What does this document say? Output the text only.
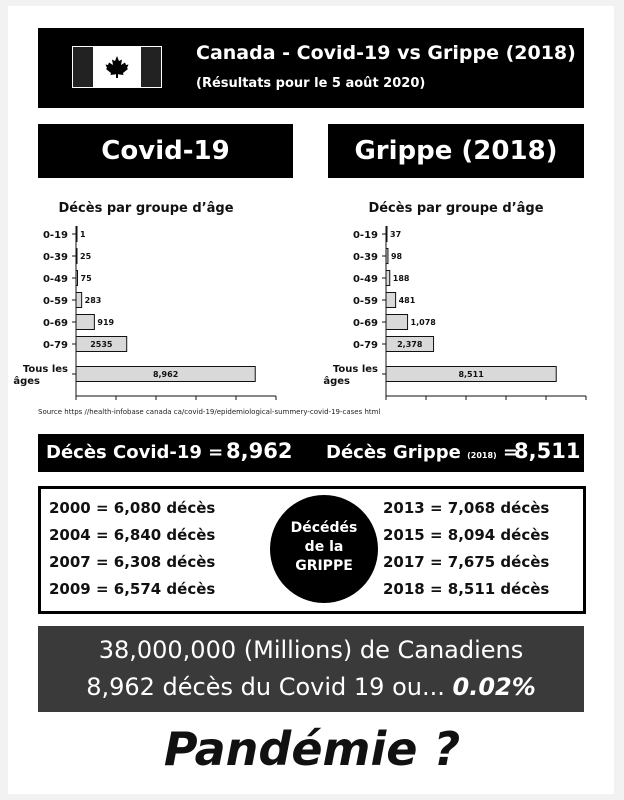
Canada - Covid-19 vs Grippe (2018)
(Résultats pour le 5 août 2020)
Covid-19	Grippe (2018)
Décès par groupe d’âge
0-19 1
0-39 25
0-49 75
0-59 283
0-69	919
0-79	2535
Tous les âges
8,962
Décès par groupe d’âge
0-19 37
0-39 98
0-49 188
0-59	481
0-69	1,078
0-79 2,378
Tous les âges
8,511
Source https //health-infobase canada ca/covid-19/epidemiological-summery-covid-19-cases html
Décès Covid-19 = 8,962 Décès Grippe (2018) =
8,511
2000 = 6,080 décès
2004 = 6,840 décès
2007 = 6,308 décès
2009 = 6,574 décès
Décédés
de la
GRIPPE
2013 = 7,068 décès
2015 = 8,094 décès
2017 = 7,675 décès
2018 = 8,511 décès
38,000,000 (Millions) de Canadiens
8,962 décès du Covid 19 ou... 0.02%
Pandémie ?
